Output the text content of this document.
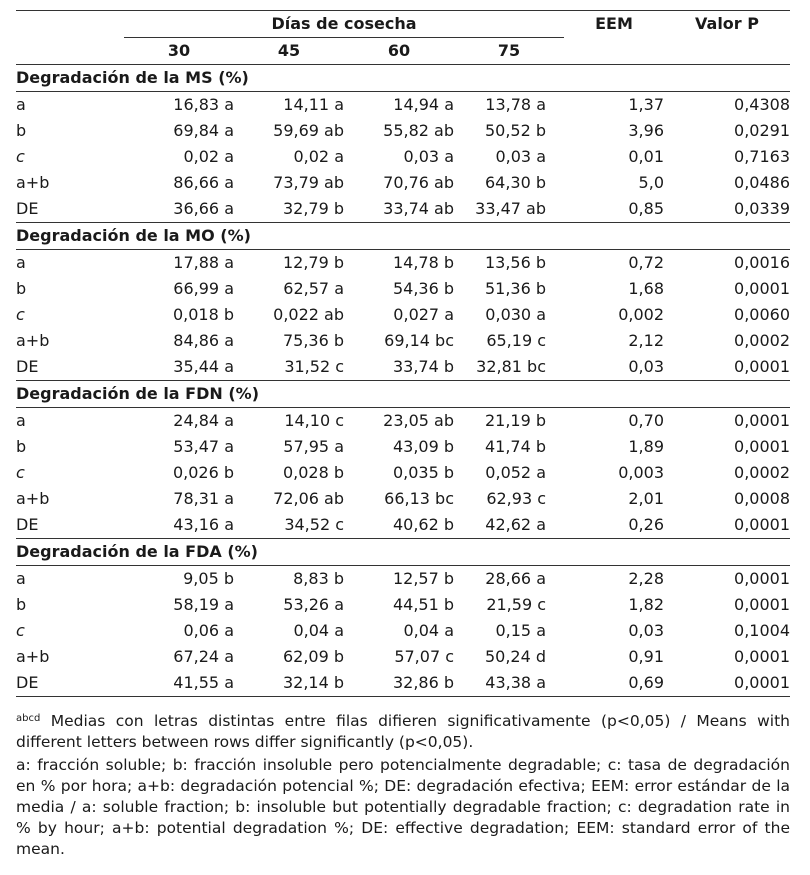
	Días de cosecha				EEM	Valor P
	30	45	60	75		
Degradación de la MS (%)						
a	16,83 a	14,11 a	14,94 a	13,78 a	1,37	0,4308
b	69,84 a	59,69 ab	55,82 ab	50,52 b	3,96	0,0291
c	0,02 a	0,02 a	0,03 a	0,03 a	0,01	0,7163
a+b	86,66 a	73,79 ab	70,76 ab	64,30 b	5,0	0,0486
DE	36,66 a	32,79 b	33,74 ab	33,47 ab	0,85	0,0339
Degradación de la MO (%)						
a	17,88 a	12,79 b	14,78 b	13,56 b	0,72	0,0016
b	66,99 a	62,57 a	54,36 b	51,36 b	1,68	0,0001
c	0,018 b	0,022 ab	0,027 a	0,030 a	0,002	0,0060
a+b	84,86 a	75,36 b	69,14 bc	65,19 c	2,12	0,0002
DE	35,44 a	31,52 c	33,74 b	32,81 bc	0,03	0,0001
Degradación de la FDN (%)						
a	24,84 a	14,10 c	23,05 ab	21,19 b	0,70	0,0001
b	53,47 a	57,95 a	43,09 b	41,74 b	1,89	0,0001
c	0,026 b	0,028 b	0,035 b	0,052 a	0,003	0,0002
a+b	78,31 a	72,06 ab	66,13 bc	62,93 c	2,01	0,0008
DE	43,16 a	34,52 c	40,62 b	42,62 a	0,26	0,0001
Degradación de la FDA (%)						
a	9,05 b	8,83 b	12,57 b	28,66 a	2,28	0,0001
b	58,19 a	53,26 a	44,51 b	21,59 c	1,82	0,0001
c	0,06 a	0,04 a	0,04 a	0,15 a	0,03	0,1004
a+b	67,24 a	62,09 b	57,07 c	50,24 d	0,91	0,0001
DE	41,55 a	32,14 b	32,86 b	43,38 a	0,69	0,0001

$^{abcd}$ Medias con letras distintas entre filas difieren significativamente (p<0,05) / Means with different letters between rows differ significantly (p<0,05).

a: fracción soluble; b: fracción insoluble pero potencialmente degradable; c: tasa de degradación en % por hora; a+b: degradación potencial %; DE: degradación efectiva; EEM: error estándar de la media / a: soluble fraction; b: insoluble but potentially degradable fraction; c: degradation rate in % by hour; a+b: potential degradation %; DE: effective degradation; EEM: standard error of the mean.
